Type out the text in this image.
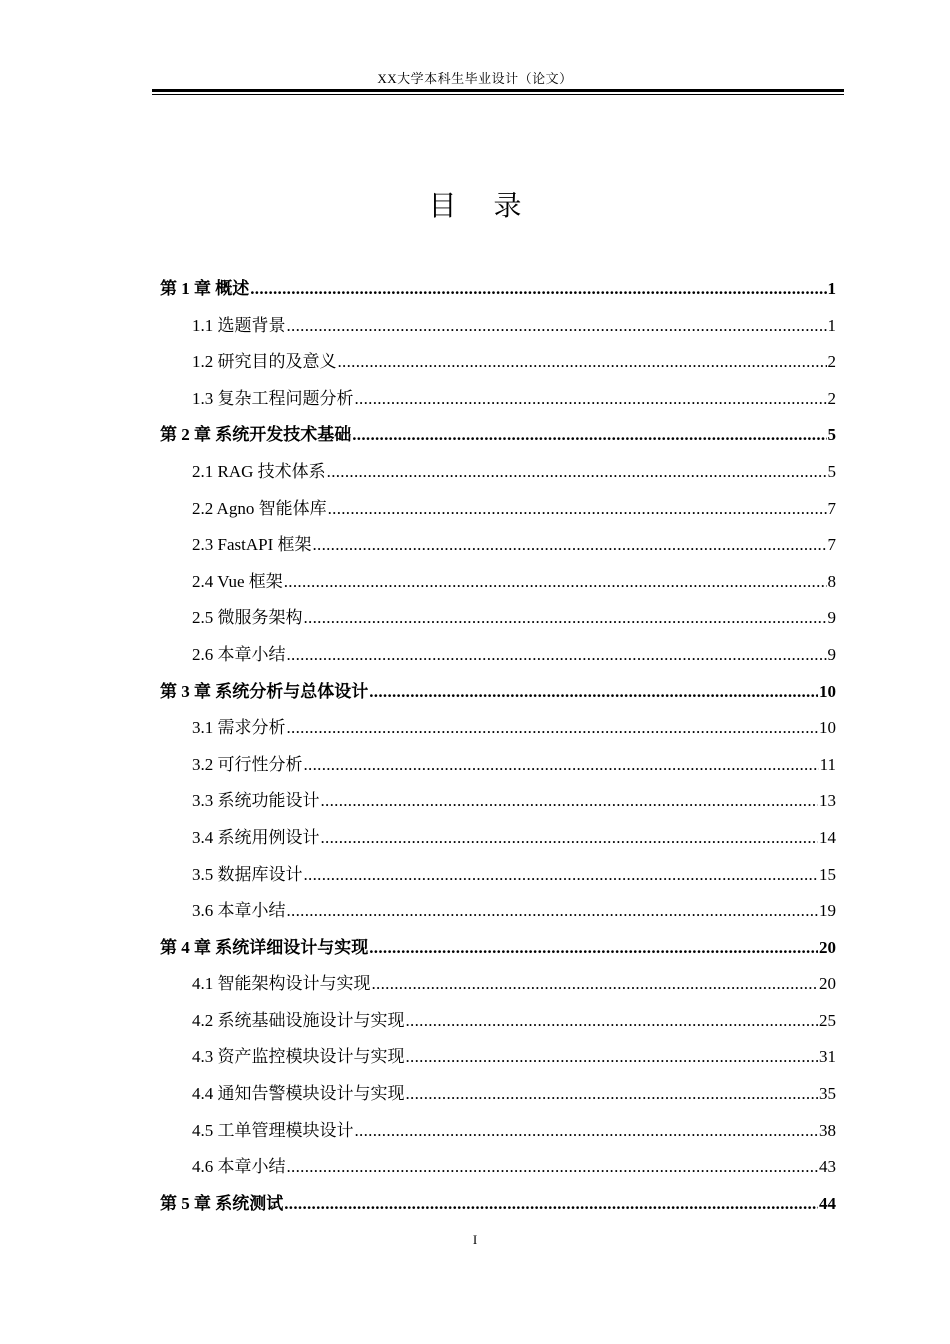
XX大学本科生毕业设计（论文）
目 录
第 1 章 概述 .....	1
1.1 选题背景 .....	1
1.2 研究目的及意义 .....	2
1.3 复杂工程问题分析 .....	2
第 2 章 系统开发技术基础 .....	5
2.1 RAG 技术体系 .....	5
2.2 Agno 智能体库 .....	7
2.3 FastAPI 框架 .....	7
2.4 Vue 框架 .....	8
2.5 微服务架构 .....	9
2.6 本章小结 .....	9
第 3 章 系统分析与总体设计 .....	10
3.1 需求分析 .....	10
3.2 可行性分析 .....	11
3.3 系统功能设计 .....	13
3.4 系统用例设计 .....	14
3.5 数据库设计 .....	15
3.6 本章小结 .....	19
第 4 章 系统详细设计与实现 .....	20
4.1 智能架构设计与实现 .....	20
4.2 系统基础设施设计与实现 .....	25
4.3 资产监控模块设计与实现 .....	31
4.4 通知告警模块设计与实现 .....	35
4.5 工单管理模块设计 .....	38
4.6 本章小结 .....	43
第 5 章 系统测试 .....	44
I
